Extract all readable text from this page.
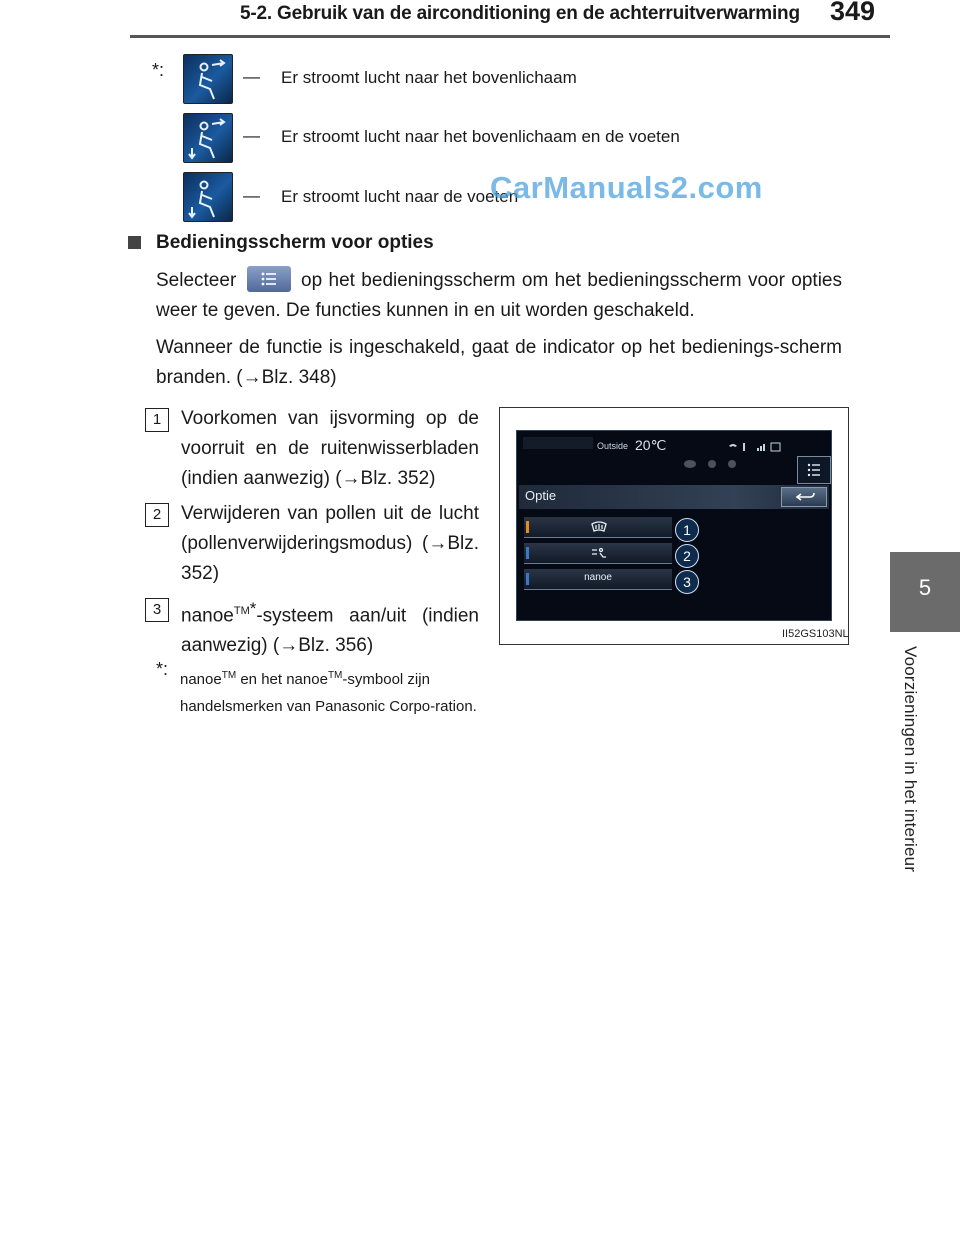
5-2. Gebruik van de airconditioning en de achterruitverwarming 349
5
Voorzieningen in het interieur
*:	— Er stroomt lucht naar het bovenlichaam
— Er stroomt lucht naar het bovenlichaam en de voeten
— Er stroomt lucht naar de voeten
Bedieningsscherm voor opties
Selecteer	op het bedieningsscherm om het bedieningsscherm voor opties weer te geven. De functies kunnen in en uit worden geschakeld.
Wanneer de functie is ingeschakeld, gaat de indicator op het bedienings-scherm branden. (→Blz. 348)
1	Voorkomen van ijsvorming op de voorruit en de ruitenwisserbladen (indien aanwezig) (→Blz. 352)
2	Verwijderen van pollen uit de lucht (pollenverwijderingsmodus) (→Blz. 352)
3	nanoe$^{TM*}$-systeem aan/uit (indien aanwezig) (→Blz. 356)
*:
nanoe™ en het nanoe™-symbool zijn handelsmerken van Panasonic Corpo-ration.
Outside 20℃
Optie
1
2
nanoe	3
II52GS103NL
CarManuals2.com
